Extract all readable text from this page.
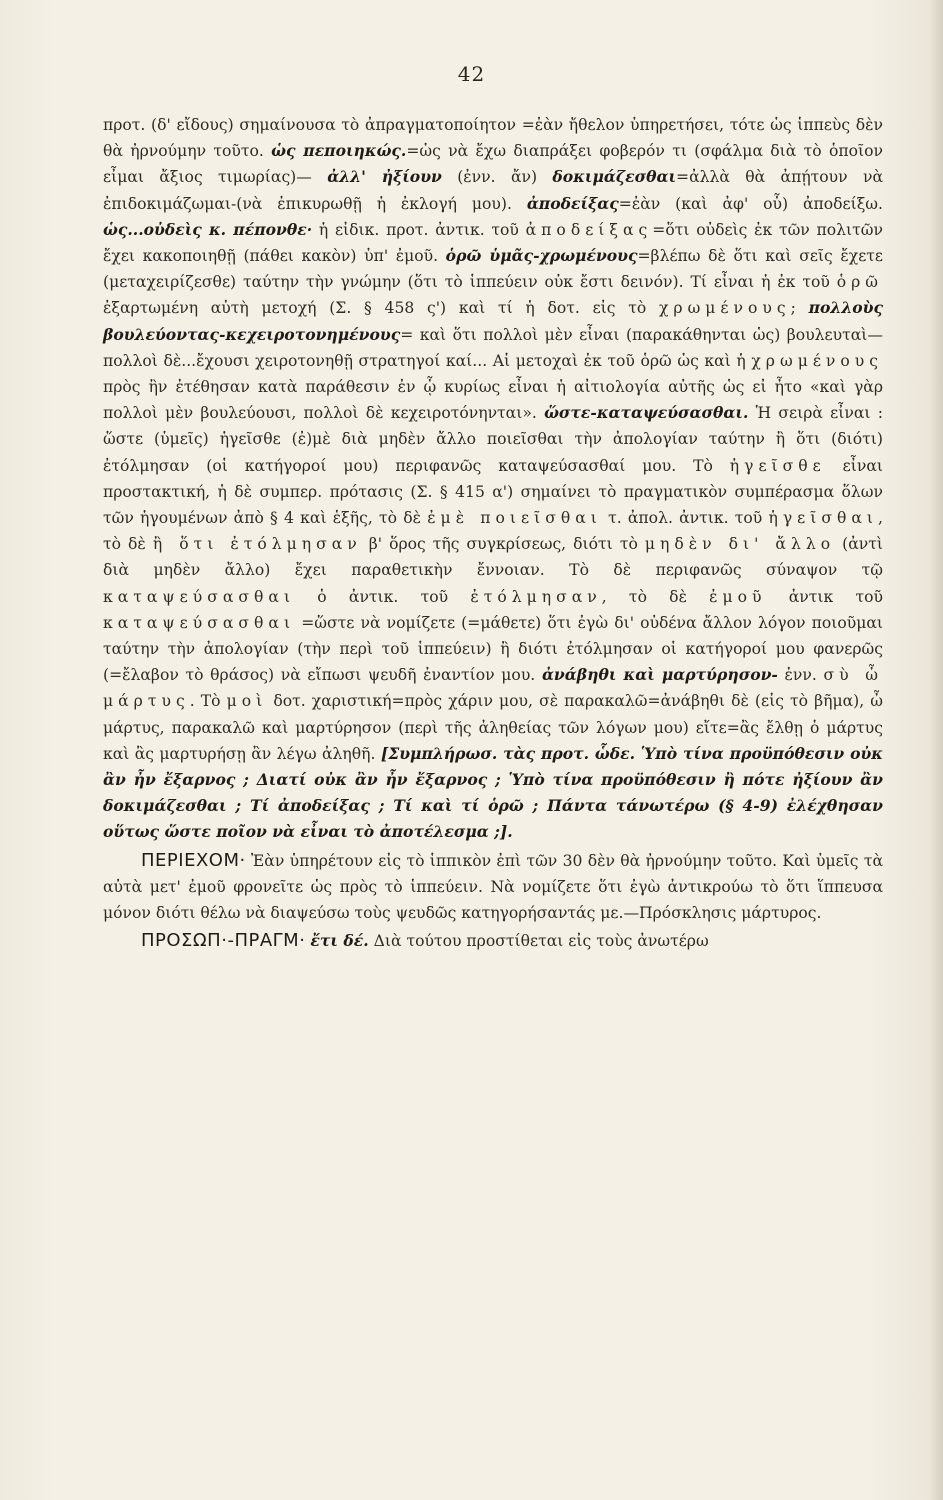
42

προτ. (δ' εἴδους) σημαίνουσα τὸ ἀπραγματοποίητον =ἐὰν ἤθελον ὑπηρετήσει, τότε ὡς ἱππεὺς δὲν θὰ ἠρνούμην τοῦτο. ὡς πεποιηκώς.=ὡς νὰ ἔχω διαπράξει φοβερόν τι (σφάλμα διὰ τὸ ὁποῖον εἶμαι ἄξιος τιμωρίας)— ἀλλ' ἠξίουν (ἐνν. ἄν) δοκιμάζεσθαι=ἀλλὰ θὰ ἀπῄτουν νὰ ἐπιδοκιμάζωμαι-(νὰ ἐπικυρωθῇ ἡ ἐκλογή μου). ἀποδείξας=ἐὰν (καὶ ἀφ' οὗ) ἀποδείξω. ὡς...οὐδεὶς κ. πέπονθε· ἡ εἰδικ. προτ. ἀντικ. τοῦ ἀποδείξας=ὅτι οὐδεὶς ἐκ τῶν πολιτῶν ἔχει κακοποιηθῇ (πάθει κακὸν) ὑπ' ἐμοῦ. ὁρῶ ὑμᾶς-χρωμένους=βλέπω δὲ ὅτι καὶ σεῖς ἔχετε (μεταχειρίζεσθε) ταύτην τὴν γνώμην (ὅτι τὸ ἱππεύειν οὐκ ἔστι δεινόν). Τί εἶναι ἡ ἐκ τοῦ ὁρῶ ἐξαρτωμένη αὐτὴ μετοχή (Σ. § 458 ς') καὶ τί ἡ δοτ. εἰς τὸ χρωμένους; πολλοὺς βουλεύοντας-κεχειροτονημένους= καὶ ὅτι πολλοὶ μὲν εἶναι (παρακάθηνται ὡς) βουλευταὶ—πολλοὶ δὲ...ἔχουσι χειροτονηθῇ στρατηγοί καί... Αἱ μετοχαὶ ἐκ τοῦ ὁρῶ ὡς καὶ ἡ χρωμένους πρὸς ἣν ἐτέθησαν κατὰ παράθεσιν ἐν ᾧ κυρίως εἶναι ἡ αἰτιολογία αὐτῆς ὡς εἰ ἦτο «καὶ γὰρ πολλοὶ μὲν βουλεύουσι, πολλοὶ δὲ κεχειροτόνηνται». ὥστε-καταψεύσασθαι. Ἡ σειρὰ εἶναι : ὥστε (ὑμεῖς) ἡγεῖσθε (ἐ)μὲ διὰ μηδὲν ἄλλο ποιεῖσθαι τὴν ἀπολογίαν ταύτην ἢ ὅτι (διότι) ἐτόλμησαν (οἱ κατήγοροί μου) περιφανῶς καταψεύσασθαί μου. Τὸ ἡγεῖσθε εἶναι προστακτική, ἡ δὲ συμπερ. πρότασις (Σ. § 415 α') σημαίνει τὸ πραγματικὸν συμπέρασμα ὅλων τῶν ἡγουμένων ἀπὸ § 4 καὶ ἑξῆς, τὸ δὲ ἐμὲ ποιεῖσθαι τ. ἀπολ. ἀντικ. τοῦ ἡγεῖσθαι, τὸ δὲ ἢ ὅτι ἐτόλμησαν β' ὅρος τῆς συγκρίσεως, διότι τὸ μηδὲν δι' ἄλλο (ἀντὶ διὰ μηδὲν ἄλλο) ἔχει παραθετικὴν ἔννοιαν. Τὸ δὲ περιφανῶς σύναψον τῷ καταψεύσασθαι ὁ ἀντικ. τοῦ ἐτόλμησαν, τὸ δὲ ἐμοῦ ἀντικ τοῦ καταψεύσασθαι =ὥστε νὰ νομίζετε (=μάθετε) ὅτι ἐγὼ δι' οὐδένα ἄλλον λόγον ποιοῦμαι ταύτην τὴν ἀπολογίαν (τὴν περὶ τοῦ ἱππεύειν) ἢ διότι ἐτόλμησαν οἱ κατήγοροί μου φανερῶς (=ἔλαβον τὸ θράσος) νὰ εἴπωσι ψευδῆ ἐναντίον μου. ἀνάβηθι καὶ μαρτύρησον- ἐνν. σὺ ὦ μάρτυς. Τὸ μοὶ δοτ. χαριστική=πρὸς χάριν μου, σὲ παρακαλῶ=ἀνάβηθι δὲ (εἰς τὸ βῆμα), ὦ μάρτυς, παρακαλῶ καὶ μαρτύρησον (περὶ τῆς ἀληθείας τῶν λόγων μου) εἴτε=ἂς ἔλθῃ ὁ μάρτυς καὶ ἂς μαρτυρήσῃ ἂν λέγω ἀληθῆ. [Συμπλήρωσ. τὰς προτ. ὧδε. Ὑπὸ τίνα προϋπόθεσιν οὐκ ἂν ἦν ἔξαρνος ; Διατί οὐκ ἂν ἦν ἔξαρνος ; Ὑπὸ τίνα προϋπόθεσιν ἢ πότε ἠξίουν ἂν δοκιμάζεσθαι ; Τί ἀποδείξας ; Τί καὶ τί ὁρῶ ; Πάντα τάνωτέρω (§ 4-9) ἐλέχθησαν οὕτως ὥστε ποῖον νὰ εἶναι τὸ ἀποτέλεσμα ;].

ΠΕΡΙΕΧΟΜ· Ἐὰν ὑπηρέτουν εἰς τὸ ἱππικὸν ἐπὶ τῶν 30 δὲν θὰ ἠρνούμην τοῦτο. Καὶ ὑμεῖς τὰ αὐτὰ μετ' ἐμοῦ φρονεῖτε ὡς πρὸς τὸ ἱππεύειν. Νὰ νομίζετε ὅτι ἐγὼ ἀντικρούω τὸ ὅτι ἵππευσα μόνον διότι θέλω νὰ διαψεύσω τοὺς ψευδῶς κατηγορήσαντάς με.—Πρόσκλησις μάρτυρος.

ΠΡΟΣΩΠ·-ΠΡΑΓΜ· ἔτι δέ. Διὰ τούτου προστίθεται εἰς τοὺς ἀνωτέρω
